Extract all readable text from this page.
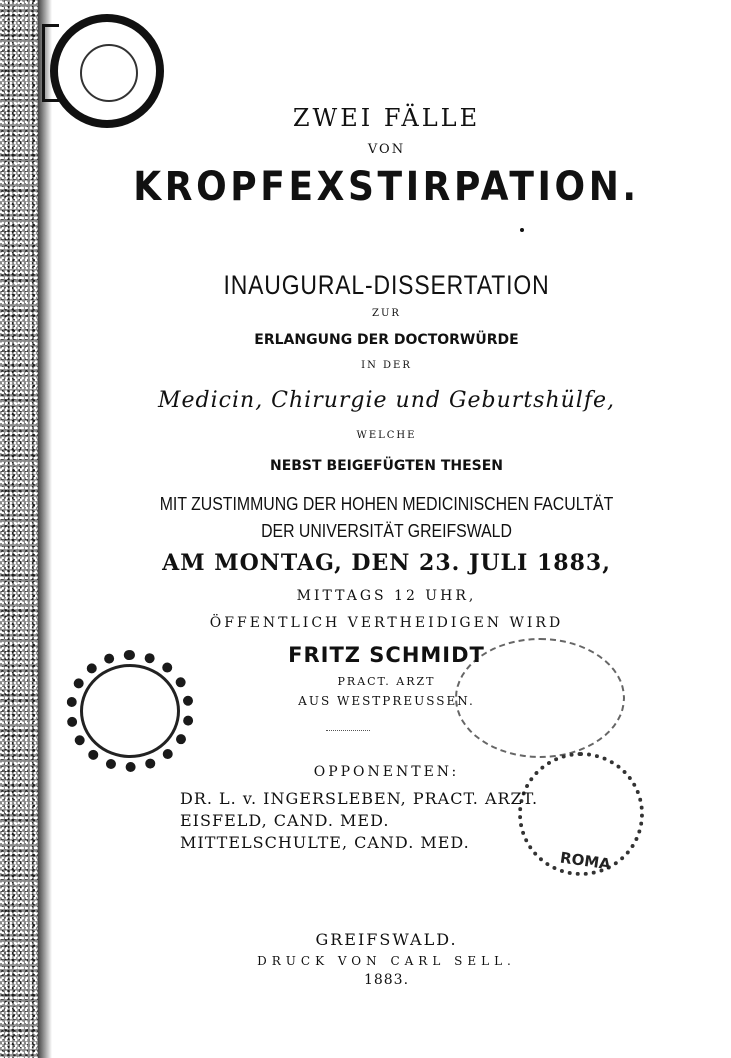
ROMA
ZWEI FÄLLE
VON
KROPFEXSTIRPATION.
INAUGURAL-DISSERTATION
ZUR
ERLANGUNG DER DOCTORWÜRDE
IN DER
Medicin, Chirurgie und Geburtshülfe,
WELCHE
NEBST BEIGEFÜGTEN THESEN
MIT ZUSTIMMUNG DER HOHEN MEDICINISCHEN FACULTÄT
DER UNIVERSITÄT GREIFSWALD
AM MONTAG, DEN 23. JULI 1883,
MITTAGS 12 UHR,
ÖFFENTLICH VERTHEIDIGEN WIRD
FRITZ SCHMIDT
PRACT. ARZT
AUS WESTPREUSSEN.
OPPONENTEN:
DR. L. v. INGERSLEBEN, PRACT. ARZT.
EISFELD, CAND. MED.
MITTELSCHULTE, CAND. MED.
GREIFSWALD.
DRUCK VON CARL SELL.
1883.
